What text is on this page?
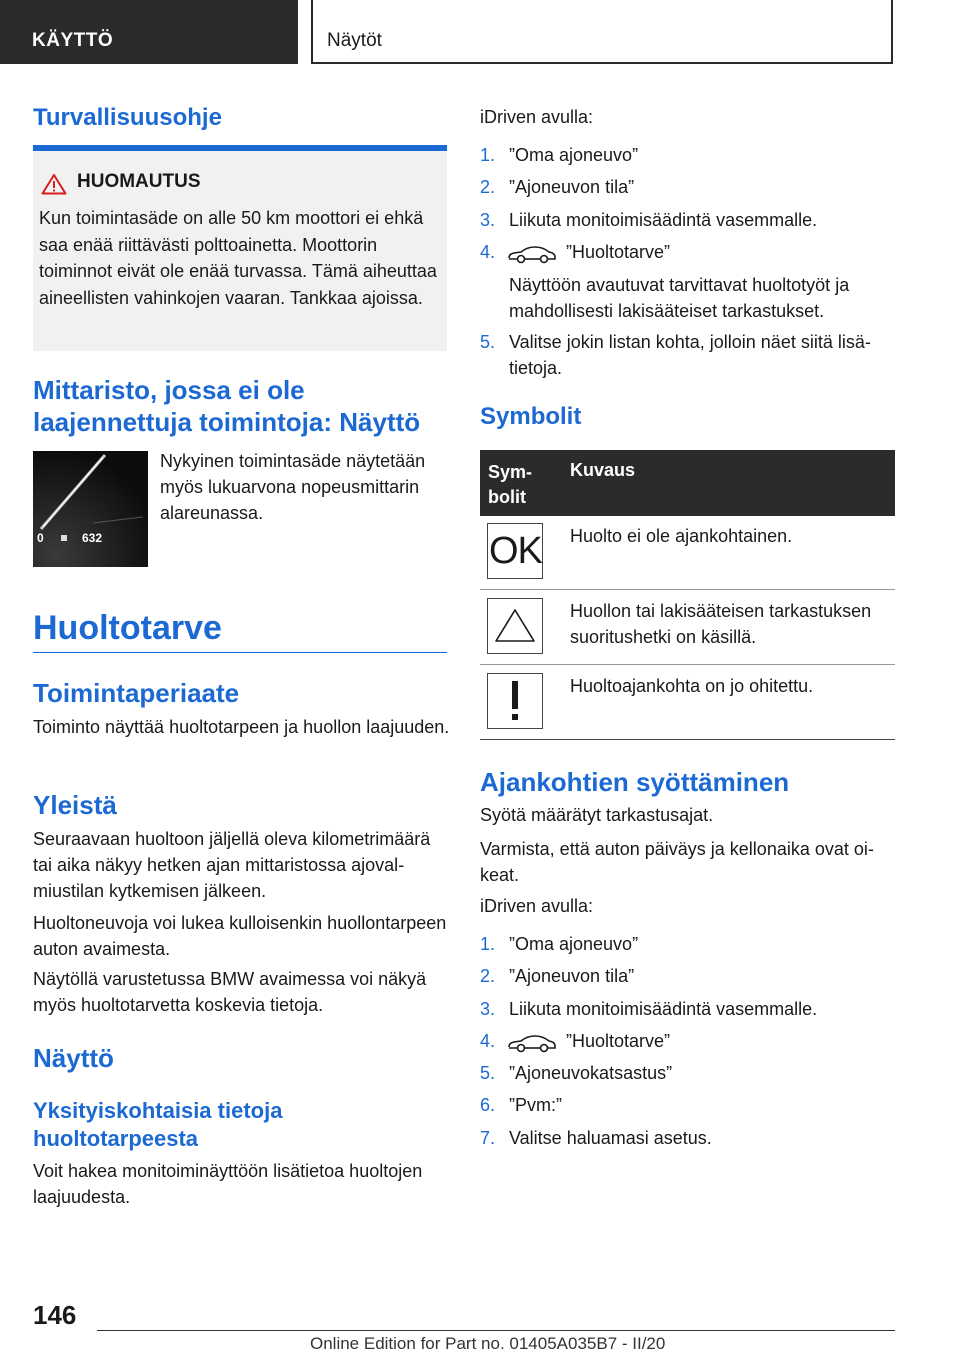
KÄYTTÖ	Näytöt
Turvallisuusohje
HUOMAUTUS
Kun toimintasäde on alle 50 km moottori ei ehkä saa enää riittävästi polttoainetta. Moottorin toiminnot eivät ole enää turvassa. Tämä aiheuttaa aineellisten vahinkojen vaaran. Tankkaa ajoissa.
Mittaristo, jossa ei ole laajennettuja toimintoja: Näyttö
0	632
Nykyinen toimintasäde näytetään myös lukuarvona nopeusmittarin alareunassa.
Huoltotarve
Toimintaperiaate
Toiminto näyttää huoltotarpeen ja huollon laajuuden.
Yleistä
Seuraavaan huoltoon jäljellä oleva kilometrimäärä tai aika näkyy hetken ajan mittaristossa ajovalmiustilan kytkemisen jälkeen.
Huoltoneuvoja voi lukea kulloisenkin huollontarpeen auton avaimesta.
Näytöllä varustetussa BMW avaimessa voi näkyä myös huoltotarvetta koskevia tietoja.
Näyttö
Yksityiskohtaisia tietoja huoltotarpeesta
Voit hakea monitoiminäyttöön lisätietoa huoltojen laajuudesta.
iDriven avulla:
1. ”Oma ajoneuvo”
2. ”Ajoneuvon tila”
3. Liikuta monitoimisäädintä vasemmalle.
4.	”Huoltotarve”
Näyttöön avautuvat tarvittavat huoltotyöt ja mahdollisesti lakisääteiset tarkastukset.
5. Valitse jokin listan kohta, jolloin näet siitä lisätietoja.
Symbolit
Symbolit
Kuvaus
OK Huolto ei ole ajankohtainen.
Huollon tai lakisääteisen tarkastuksen suoritushetki on käsillä.
Huoltoajankohta on jo ohitettu.
Ajankohtien syöttäminen
Syötä määrätyt tarkastusajat.
Varmista, että auton päiväys ja kellonaika ovat oikeat.
iDriven avulla:
1. ”Oma ajoneuvo”
2. ”Ajoneuvon tila”
3. Liikuta monitoimisäädintä vasemmalle.
4.	”Huoltotarve”
5. ”Ajoneuvokatsastus”
6. ”Pvm:”
7. Valitse haluamasi asetus.
146
Online Edition for Part no. 01405A035B7 - II/20
